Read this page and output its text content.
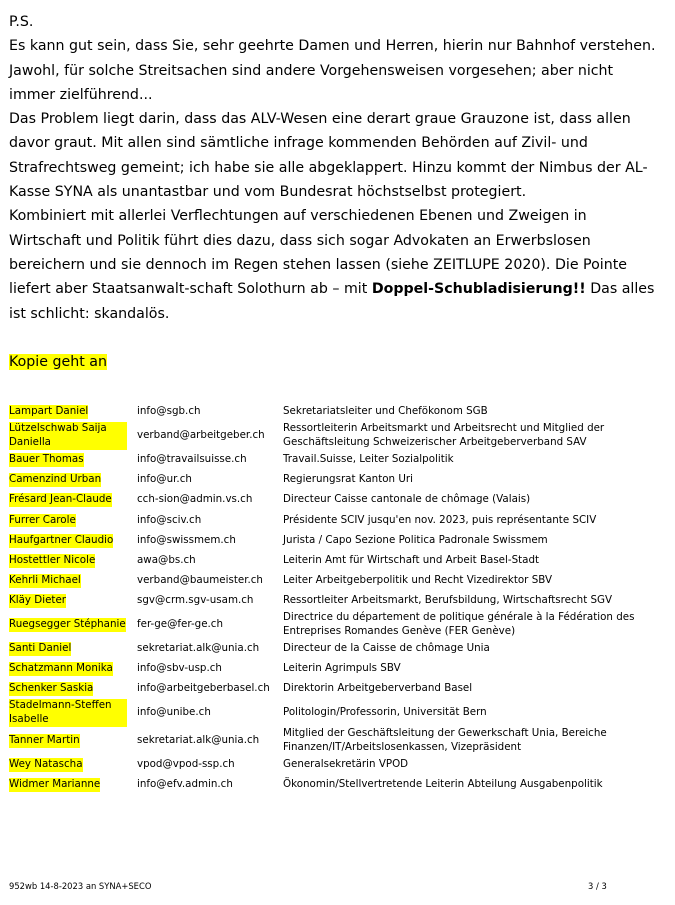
P.S.

Es kann gut sein, dass Sie, sehr geehrte Damen und Herren, hierin nur Bahnhof verstehen. Jawohl, für solche Streitsachen sind andere Vorgehensweisen vorgesehen; aber nicht immer zielführend...

Das Problem liegt darin, dass das ALV-Wesen eine derart graue Grauzone ist, dass allen davor graut. Mit allen sind sämtliche infrage kommenden Behörden auf Zivil- und Strafrechtsweg gemeint; ich habe sie alle abgeklappert. Hinzu kommt der Nimbus der AL-Kasse SYNA als unantastbar und vom Bundesrat höchstselbst protegiert.

Kombiniert mit allerlei Verflechtungen auf verschiedenen Ebenen und Zweigen in Wirtschaft und Politik führt dies dazu, dass sich sogar Advokaten an Erwerbslosen bereichern und sie dennoch im Regen stehen lassen (siehe ZEITLUPE 2020). Die Pointe liefert aber Staatsanwalt-schaft Solothurn ab – mit Doppel-Schubladisierung!! Das alles ist schlicht: skandalös.

Kopie geht an
Lampart Daniel	info@sgb.ch	Sekretariatsleiter und Chefökonom SGB
Lützelschwab Saija Daniella	verband@arbeitgeber.ch	Ressortleiterin Arbeitsmarkt und Arbeitsrecht und Mitglied der Geschäftsleitung Schweizerischer Arbeitgeberverband SAV
Bauer Thomas	info@travailsuisse.ch	Travail.Suisse, Leiter Sozialpolitik
Camenzind Urban	info@ur.ch	Regierungsrat Kanton Uri
Frésard Jean-Claude	cch-sion@admin.vs.ch	Directeur Caisse cantonale de chômage (Valais)
Furrer Carole	info@sciv.ch	Présidente SCIV jusqu'en nov. 2023, puis représentante SCIV
Haufgartner Claudio	info@swissmem.ch	Jurista / Capo Sezione Politica Padronale Swissmem
Hostettler Nicole	awa@bs.ch	Leiterin Amt für Wirtschaft und Arbeit Basel-Stadt
Kehrli Michael	verband@baumeister.ch	Leiter Arbeitgeberpolitik und Recht Vizedirektor SBV
Kläy Dieter	sgv@crm.sgv-usam.ch	Ressortleiter Arbeitsmarkt, Berufsbildung, Wirtschaftsrecht SGV
Ruegsegger Stéphanie	fer-ge@fer-ge.ch	Directrice du département de politique générale à la Fédération des Entreprises Romandes Genève (FER Genève)
Santi Daniel	sekretariat.alk@unia.ch	Directeur de la Caisse de chômage Unia
Schatzmann Monika	info@sbv-usp.ch	Leiterin Agrimpuls SBV
Schenker Saskia	info@arbeitgeberbasel.ch	Direktorin Arbeitgeberverband Basel
Stadelmann-Steffen Isabelle	info@unibe.ch	Politologin/Professorin, Universität Bern
Tanner Martin	sekretariat.alk@unia.ch	Mitglied der Geschäftsleitung der Gewerkschaft Unia, Bereiche Finanzen/IT/Arbeitslosenkassen, Vizepräsident
Wey Natascha	vpod@vpod-ssp.ch	Generalsekretärin VPOD
Widmer Marianne	info@efv.admin.ch	Ökonomin/Stellvertretende Leiterin Abteilung Ausgabenpolitik
952wb 14-8-2023 an SYNA+SECO	3 / 3
